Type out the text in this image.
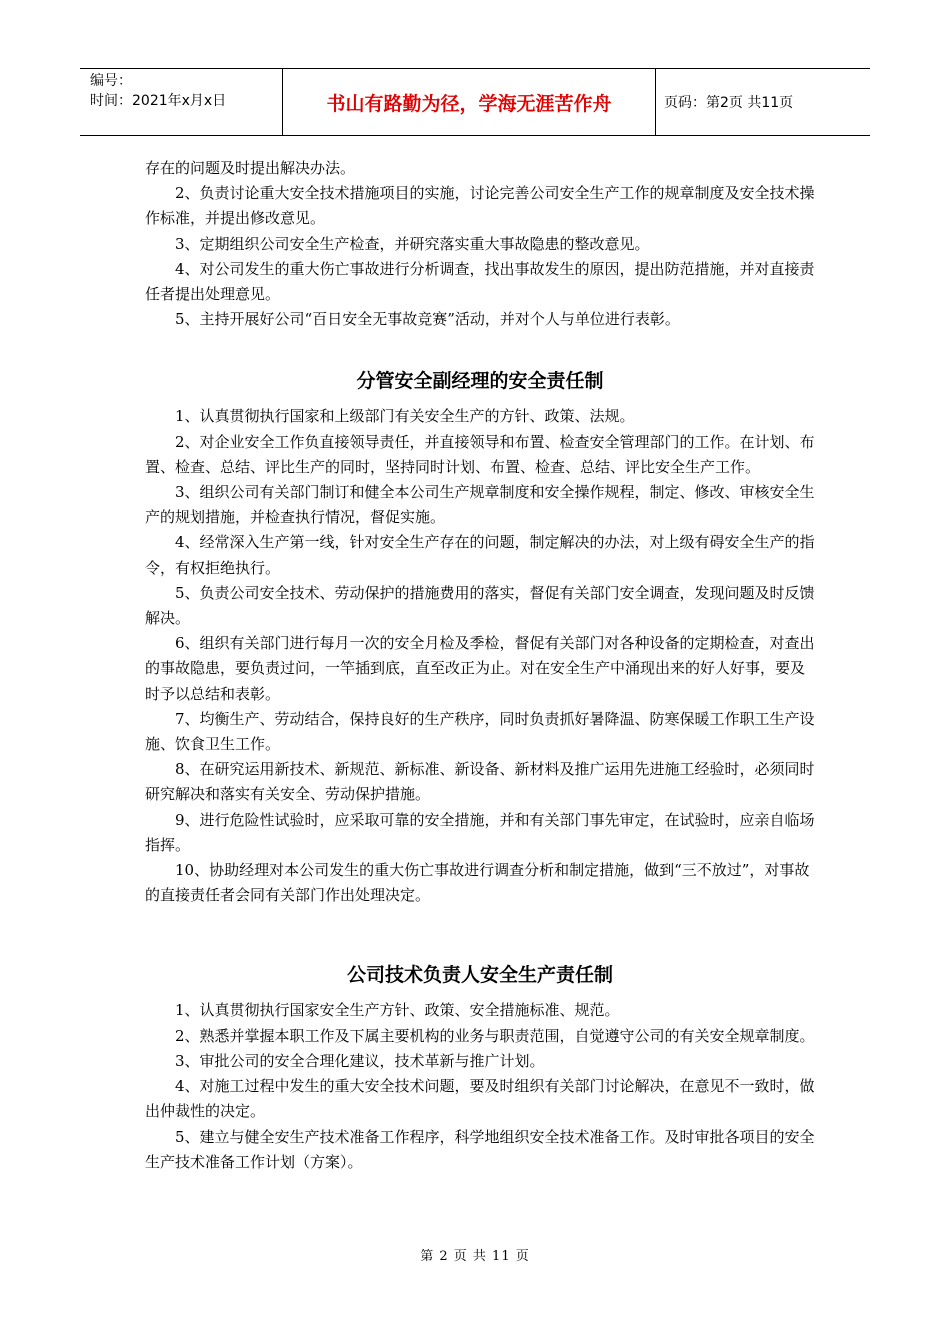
编号：
时间：2021年x月x日	书山有路勤为径，学海无涯苦作舟	页码：第2页 共11页

存在的问题及时提出解决办法。

2、负责讨论重大安全技术措施项目的实施，讨论完善公司安全生产工作的规章制度及安全技术操作标准，并提出修改意见。

3、定期组织公司安全生产检查，并研究落实重大事故隐患的整改意见。

4、对公司发生的重大伤亡事故进行分析调查，找出事故发生的原因，提出防范措施，并对直接责任者提出处理意见。

5、主持开展好公司“百日安全无事故竞赛”活动，并对个人与单位进行表彰。

分管安全副经理的安全责任制

1、认真贯彻执行国家和上级部门有关安全生产的方针、政策、法规。

2、对企业安全工作负直接领导责任，并直接领导和布置、检查安全管理部门的工作。在计划、布置、检查、总结、评比生产的同时，坚持同时计划、布置、检查、总结、评比安全生产工作。

3、组织公司有关部门制订和健全本公司生产规章制度和安全操作规程，制定、修改、审核安全生产的规划措施，并检查执行情况，督促实施。

4、经常深入生产第一线，针对安全生产存在的问题，制定解决的办法，对上级有碍安全生产的指令，有权拒绝执行。

5、负责公司安全技术、劳动保护的措施费用的落实，督促有关部门安全调查，发现问题及时反馈解决。

6、组织有关部门进行每月一次的安全月检及季检，督促有关部门对各种设备的定期检查，对查出的事故隐患，要负责过问，一竿插到底，直至改正为止。对在安全生产中涌现出来的好人好事，要及时予以总结和表彰。

7、均衡生产、劳动结合，保持良好的生产秩序，同时负责抓好暑降温、防寒保暖工作职工生产设施、饮食卫生工作。

8、在研究运用新技术、新规范、新标准、新设备、新材料及推广运用先进施工经验时，必须同时研究解决和落实有关安全、劳动保护措施。

9、进行危险性试验时，应采取可靠的安全措施，并和有关部门事先审定，在试验时，应亲自临场指挥。

10、协助经理对本公司发生的重大伤亡事故进行调查分析和制定措施，做到“三不放过”，对事故的直接责任者会同有关部门作出处理决定。

公司技术负责人安全生产责任制

1、认真贯彻执行国家安全生产方针、政策、安全措施标准、规范。

2、熟悉并掌握本职工作及下属主要机构的业务与职责范围，自觉遵守公司的有关安全规章制度。

3、审批公司的安全合理化建议，技术革新与推广计划。

4、对施工过程中发生的重大安全技术问题，要及时组织有关部门讨论解决，在意见不一致时，做出仲裁性的决定。

5、建立与健全安生产技术准备工作程序，科学地组织安全技术准备工作。及时审批各项目的安全生产技术准备工作计划（方案）。

第 2 页 共 11 页
